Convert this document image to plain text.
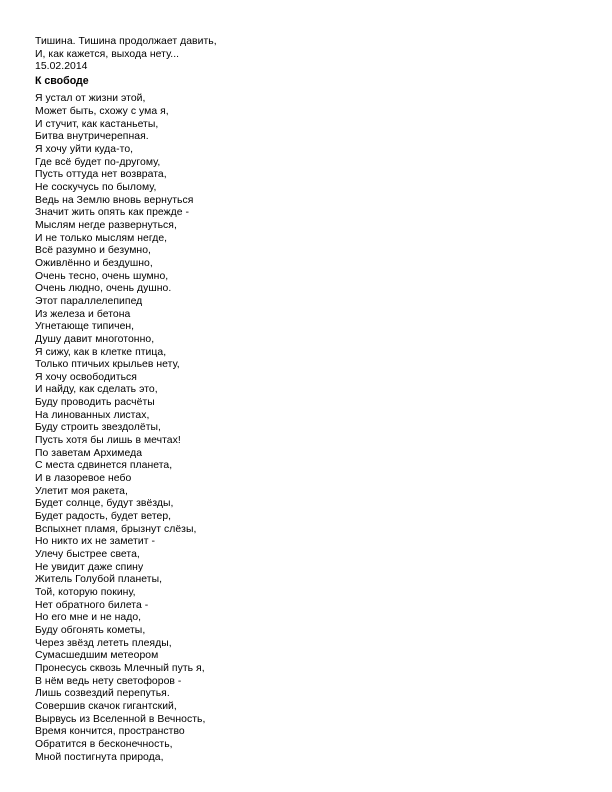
Тишина. Тишина продолжает давить,
И, как кажется, выхода нету...
15.02.2014
К свободе
Я устал от жизни этой,
Может быть, схожу с ума я,
И стучит, как кастаньеты,
Битва внутричерепная.
Я хочу уйти куда-то,
Где всё будет по-другому,
Пусть оттуда нет возврата,
Не соскучусь по былому,
Ведь на Землю вновь вернуться
Значит жить опять как прежде -
Мыслям негде развернуться,
И не только мыслям негде,
Всё разумно и безумно,
Оживлённо и бездушно,
Очень тесно, очень шумно,
Очень людно, очень душно.
Этот параллелепипед
Из железа и бетона
Угнетающе типичен,
Душу давит многотонно,
Я сижу, как в клетке птица,
Только птичьих крыльев нету,
Я хочу освободиться
И найду, как сделать это,
Буду проводить расчёты
На линованных листах,
Буду строить звездолёты,
Пусть хотя бы лишь в мечтах!
По заветам Архимеда
С места сдвинется планета,
И в лазоревое небо
Улетит моя ракета,
Будет солнце, будут звёзды,
Будет радость, будет ветер,
Вспыхнет пламя, брызнут слёзы,
Но никто их не заметит -
Улечу быстрее света,
Не увидит даже спину
Житель Голубой планеты,
Той, которую покину,
Нет обратного билета -
Но его мне и не надо,
Буду обгонять кометы,
Через звёзд лететь плеяды,
Сумасшедшим метеором
Пронесусь сквозь Млечный путь я,
В нём ведь нету светофоров -
Лишь созвездий перепутья.
Совершив скачок гигантский,
Вырвусь из Вселенной в Вечность,
Время кончится, пространство
Обратится в бесконечность,
Мной постигнута природа,
